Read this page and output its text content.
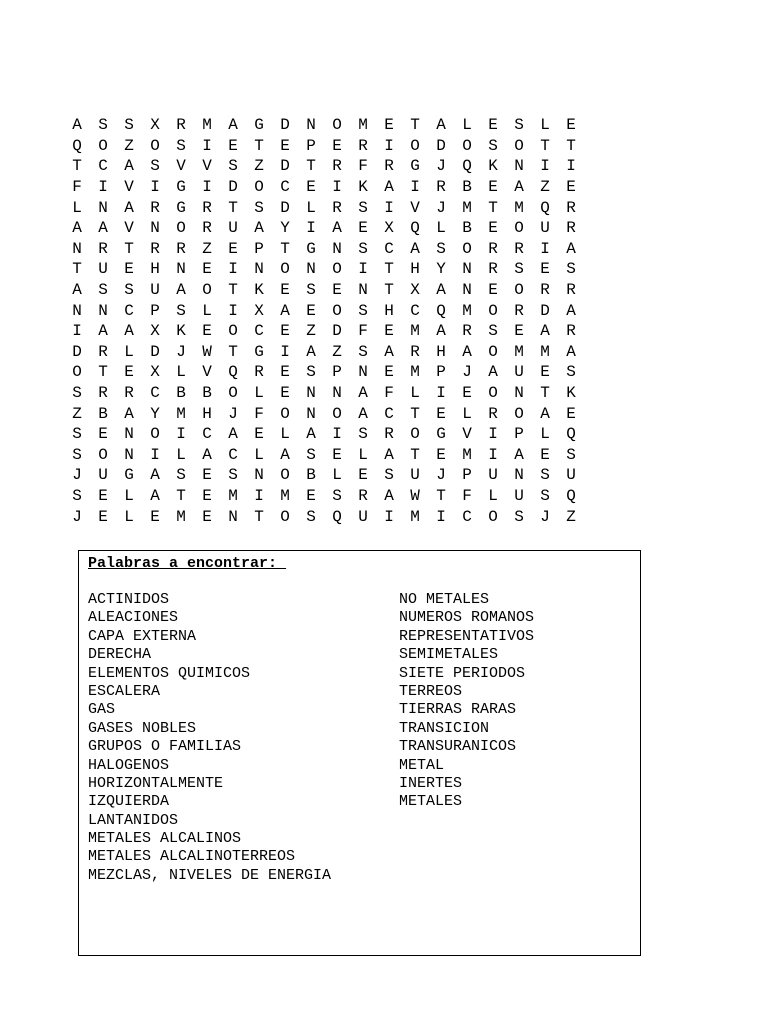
A	S	S	X	R	M	A	G	D	N	O	M	E	T	A	L	E	S	L	E
Q	O	Z	O	S	I	E	T	E	P	E	R	I	O	D	O	S	O	T	T
T	C	A	S	V	V	S	Z	D	T	R	F	R	G	J	Q	K	N	I	I
F	I	V	I	G	I	D	O	C	E	I	K	A	I	R	B	E	A	Z	E
L	N	A	R	G	R	T	S	D	L	R	S	I	V	J	M	T	M	Q	R
A	A	V	N	O	R	U	A	Y	I	A	E	X	Q	L	B	E	O	U	R
N	R	T	R	R	Z	E	P	T	G	N	S	C	A	S	O	R	R	I	A
T	U	E	H	N	E	I	N	O	N	O	I	T	H	Y	N	R	S	E	S
A	S	S	U	A	O	T	K	E	S	E	N	T	X	A	N	E	O	R	R
N	N	C	P	S	L	I	X	A	E	O	S	H	C	Q	M	O	R	D	A
I	A	A	X	K	E	O	C	E	Z	D	F	E	M	A	R	S	E	A	R
D	R	L	D	J	W	T	G	I	A	Z	S	A	R	H	A	O	M	M	A
O	T	E	X	L	V	Q	R	E	S	P	N	E	M	P	J	A	U	E	S
S	R	R	C	B	B	O	L	E	N	N	A	F	L	I	E	O	N	T	K
Z	B	A	Y	M	H	J	F	O	N	O	A	C	T	E	L	R	O	A	E
S	E	N	O	I	C	A	E	L	A	I	S	R	O	G	V	I	P	L	Q
S	O	N	I	L	A	C	L	A	S	E	L	A	T	E	M	I	A	E	S
J	U	G	A	S	E	S	N	O	B	L	E	S	U	J	P	U	N	S	U
S	E	L	A	T	E	M	I	M	E	S	R	A	W	T	F	L	U	S	Q
J	E	L	E	M	E	N	T	O	S	Q	U	I	M	I	C	O	S	J	Z
Palabras a encontrar:
ACTINIDOS
ALEACIONES
CAPA EXTERNA
DERECHA
ELEMENTOS QUIMICOS
ESCALERA
GAS
GASES NOBLES
GRUPOS O FAMILIAS
HALOGENOS
HORIZONTALMENTE
IZQUIERDA
LANTANIDOS
METALES ALCALINOS
METALES ALCALINOTERREOS
MEZCLAS, NIVELES DE ENERGIA
NO METALES
NUMEROS ROMANOS
REPRESENTATIVOS
SEMIMETALES
SIETE PERIODOS
TERREOS
TIERRAS RARAS
TRANSICION
TRANSURANICOS
METAL
INERTES
METALES
